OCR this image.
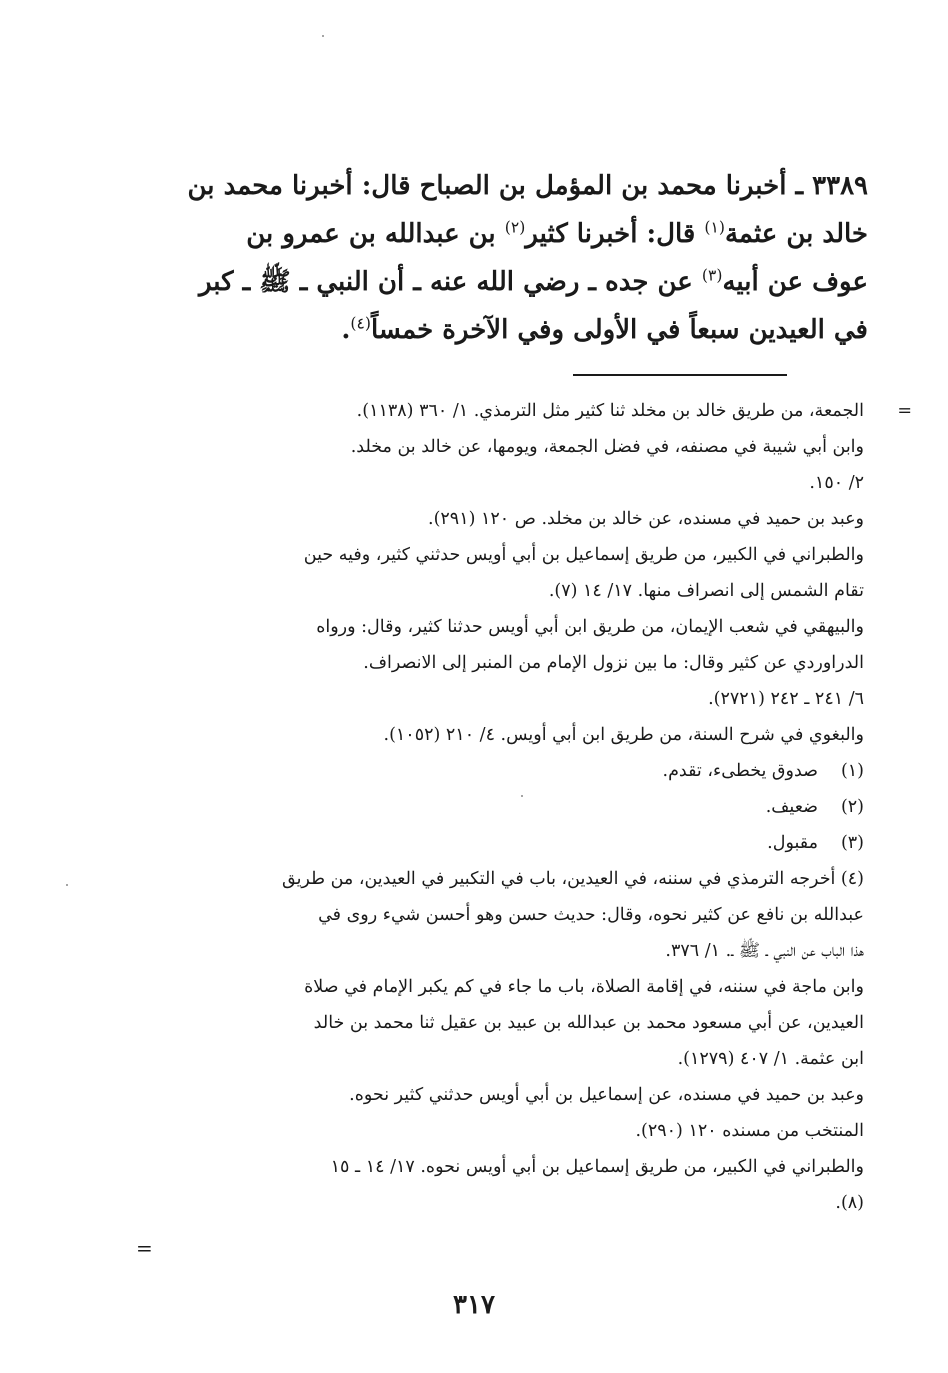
٣٣٨٩ ـ أخبرنا محمد بن المؤمل بن الصباح قال: أخبرنا محمد بن
خالد بن عثمة$^{(١)}$ قال: أخبرنا كثير$^{(٢)}$ بن عبدالله بن عمرو بن
عوف عن أبيه$^{(٣)}$ عن جده ـ رضي الله عنه ـ أن النبي ـ ﷺ ـ كبر
في العيدين سبعاً في الأولى وفي الآخرة خمساً$^{(٤)}$.
=
الجمعة، من طريق خالد بن مخلد ثنا كثير مثل الترمذي. ١/ ٣٦٠ (١١٣٨).
وابن أبي شيبة في مصنفه، في فضل الجمعة، ويومها، عن خالد بن مخلد.
٢/ ١٥٠.
وعبد بن حميد في مسنده، عن خالد بن مخلد. ص ١٢٠ (٢٩١).
والطبراني في الكبير، من طريق إسماعيل بن أبي أويس حدثني كثير، وفيه حين
تقام الشمس إلى انصراف منها. ١٧/ ١٤ (٧).
والبيهقي في شعب الإيمان، من طريق ابن أبي أويس حدثنا كثير، وقال: ورواه
الدراوردي عن كثير وقال: ما بين نزول الإمام من المنبر إلى الانصراف.
٦/ ٢٤١ ـ ٢٤٢ (٢٧٢١).
والبغوي في شرح السنة، من طريق ابن أبي أويس. ٤/ ٢١٠ (١٠٥٢).
(١)صدوق يخطىء، تقدم.
(٢)ضعيف.
(٣)مقبول.
(٤) أخرجه الترمذي في سننه، في العيدين، باب في التكبير في العيدين، من طريق
عبدالله بن نافع عن كثير نحوه، وقال: حديث حسن وهو أحسن شيء روى في
هذا الباب عن النبي ـ ﷺ ـ. ١/ ٣٧٦.
وابن ماجة في سننه، في إقامة الصلاة، باب ما جاء في كم يكبر الإمام في صلاة
العيدين، عن أبي مسعود محمد بن عبدالله بن عبيد بن عقيل ثنا محمد بن خالد
ابن عثمة. ١/ ٤٠٧ (١٢٧٩).
وعبد بن حميد في مسنده، عن إسماعيل بن أبي أويس حدثني كثير نحوه.
المنتخب من مسنده ١٢٠ (٢٩٠).
والطبراني في الكبير، من طريق إسماعيل بن أبي أويس نحوه. ١٧/ ١٤ ـ ١٥
(٨).
=
٣١٧
